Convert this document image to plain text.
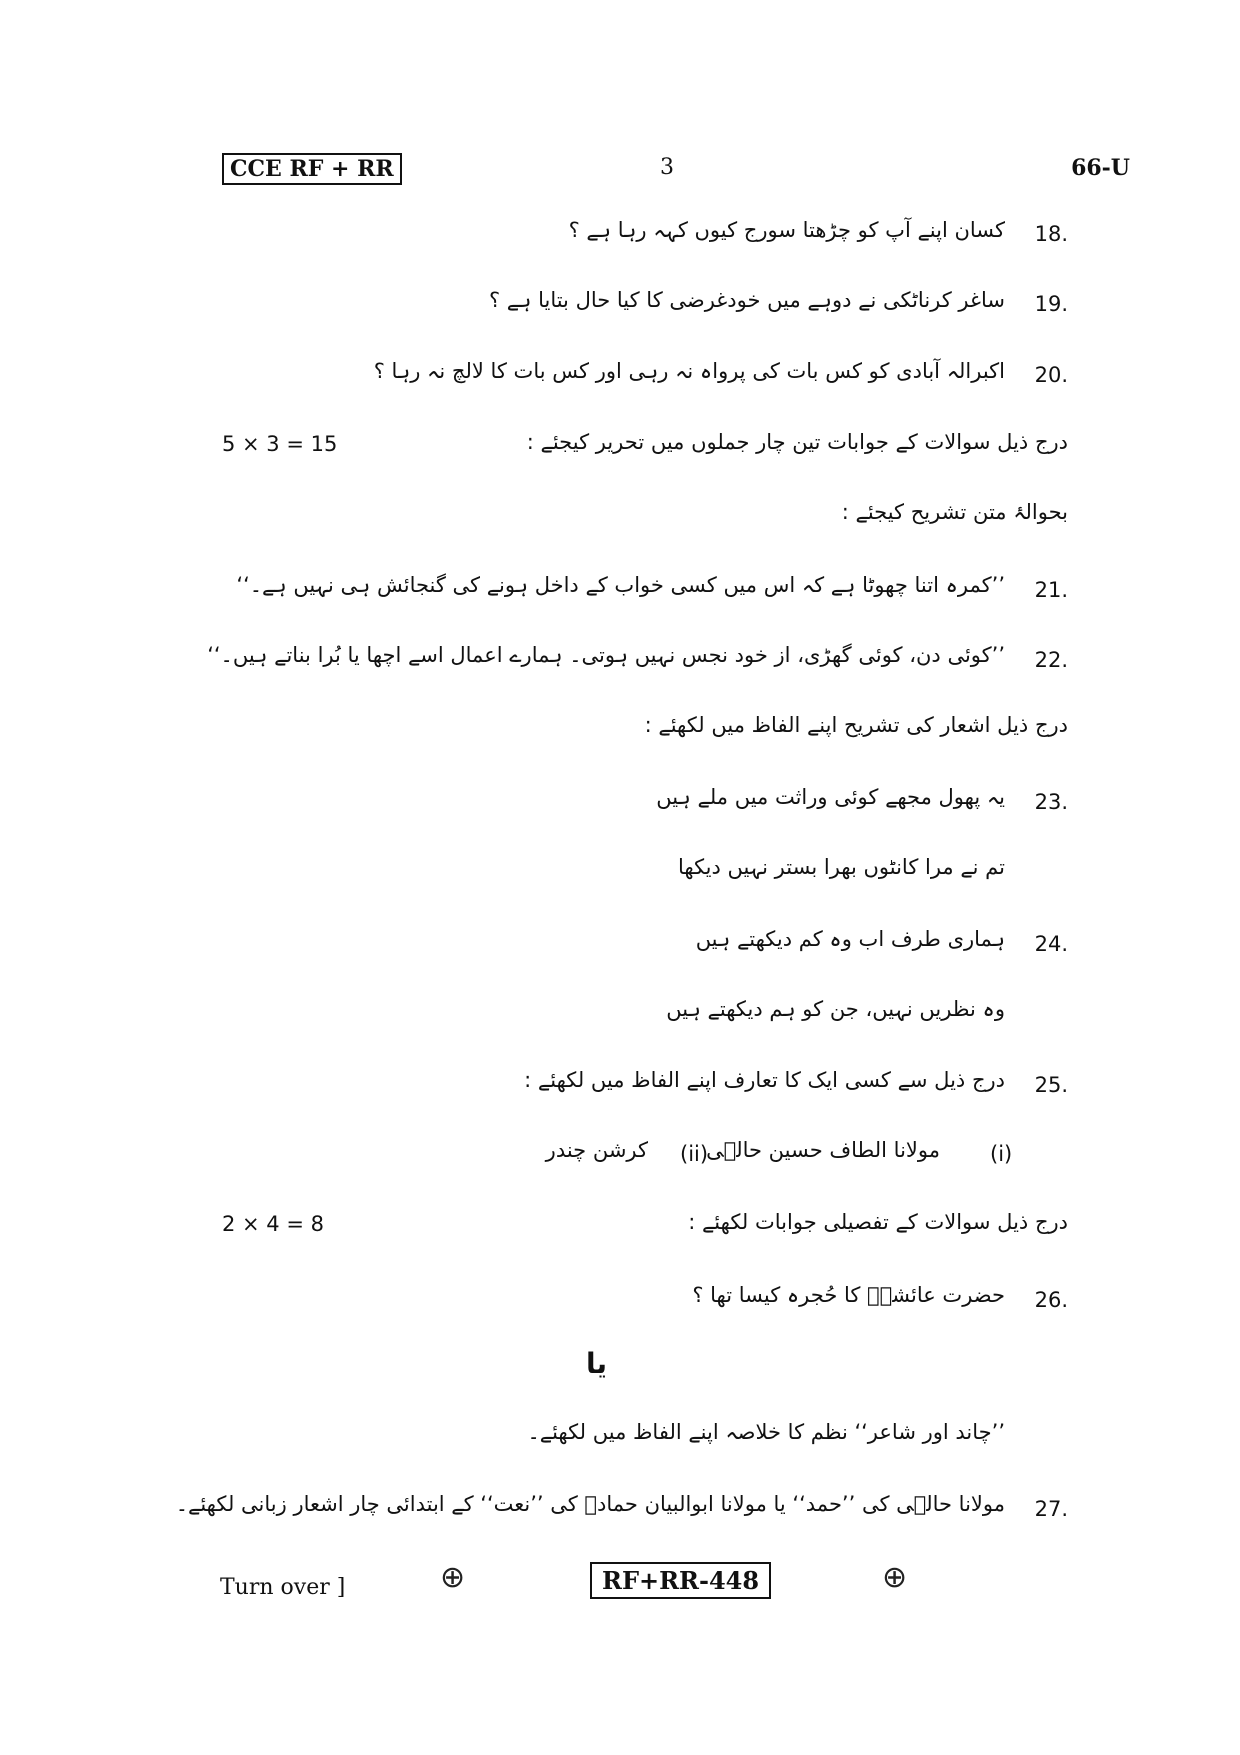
CCE RF + RR	3	66-U
18.
کسان اپنے آپ کو چڑھتا سورج کیوں کہہ رہا ہے ؟
19.
ساغر کرناٹکی نے دوہے میں خودغرضی کا کیا حال بتایا ہے ؟
20.
اکبرالہ آبادی کو کس بات کی پرواہ نہ رہی اور کس بات کا لالچ نہ رہا ؟
درج ذیل سوالات کے جوابات تین چار جملوں میں تحریر کیجئے :
5 × 3 = 15
بحوالۂ متن تشریح کیجئے :
21.
’’کمرہ اتنا چھوٹا ہے کہ اس میں کسی خواب کے داخل ہونے کی گنجائش ہی نہیں ہے۔‘‘
22.
’’کوئی دن، کوئی گھڑی، از خود نجس نہیں ہوتی۔ ہمارے اعمال اسے اچھا یا بُرا بناتے ہیں۔‘‘
درج ذیل اشعار کی تشریح اپنے الفاظ میں لکھئے :
23.
یہ پھول مجھے کوئی وراثت میں ملے ہیں
تم نے مرا کانٹوں بھرا بستر نہیں دیکھا
24.
ہماری طرف اب وہ کم دیکھتے ہیں
وہ نظریں نہیں، جن کو ہم دیکھتے ہیں
25.
درج ذیل سے کسی ایک کا تعارف اپنے الفاظ میں لکھئے :
(i)
مولانا الطاف حسین حالؔی
(ii)
کرشن چندر
درج ذیل سوالات کے تفصیلی جوابات لکھئے :
2 × 4 = 8
26.
حضرت عائشہؓ کا حُجرہ کیسا تھا ؟
یا
’’چاند اور شاعر‘‘ نظم کا خلاصہ اپنے الفاظ میں لکھئے۔
27.
مولانا حالؔی کی ’’حمد‘‘ یا مولانا ابوالبیان حمادؔ کی ’’نعت‘‘ کے ابتدائی چار اشعار زبانی لکھئے۔
Turn over ]	⊕	RF+RR-448	⊕
